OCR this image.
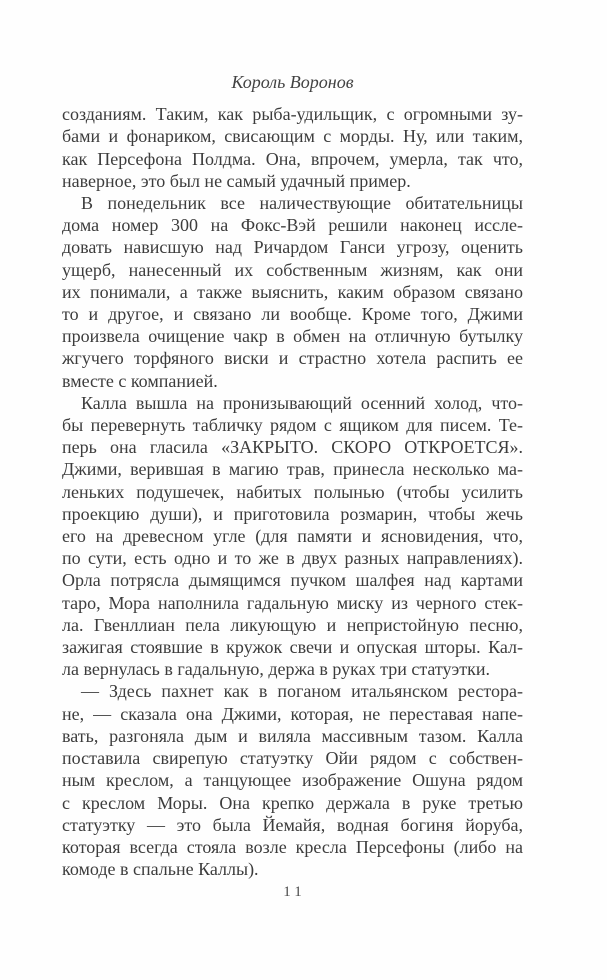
Король Воронов
созданиям. Таким, как рыба-удильщик, с огромными зу-
бами и фонариком, свисающим с морды. Ну, или таким,
как Персефона Полдма. Она, впрочем, умерла, так что,
наверное, это был не самый удачный пример.
В понедельник все наличествующие обитательницы
дома номер 300 на Фокс-Вэй решили наконец иссле-
довать нависшую над Ричардом Ганси угрозу, оценить
ущерб, нанесенный их собственным жизням, как они
их понимали, а также выяснить, каким образом связано
то и другое, и связано ли вообще. Кроме того, Джими
произвела очищение чакр в обмен на отличную бутылку
жгучего торфяного виски и страстно хотела распить ее
вместе с компанией.
Калла вышла на пронизывающий осенний холод, что-
бы перевернуть табличку рядом с ящиком для писем. Те-
перь она гласила «ЗАКРЫТО. СКОРО ОТКРОЕТСЯ».
Джими, верившая в магию трав, принесла несколько ма-
леньких подушечек, набитых полынью (чтобы усилить
проекцию души), и приготовила розмарин, чтобы жечь
его на древесном угле (для памяти и ясновидения, что,
по сути, есть одно и то же в двух разных направлениях).
Орла потрясла дымящимся пучком шалфея над картами
таро, Мора наполнила гадальную миску из черного стек-
ла. Гвенллиан пела ликующую и непристойную песню,
зажигая стоявшие в кружок свечи и опуская шторы. Кал-
ла вернулась в гадальную, держа в руках три статуэтки.
— Здесь пахнет как в поганом итальянском рестора-
не, — сказала она Джими, которая, не переставая напе-
вать, разгоняла дым и виляла массивным тазом. Калла
поставила свирепую статуэтку Ойи рядом с собствен-
ным креслом, а танцующее изображение Ошуна рядом
с креслом Моры. Она крепко держала в руке третью
статуэтку — это была Йемайя, водная богиня йоруба,
которая всегда стояла возле кресла Персефоны (либо на
комоде в спальне Каллы).
11
